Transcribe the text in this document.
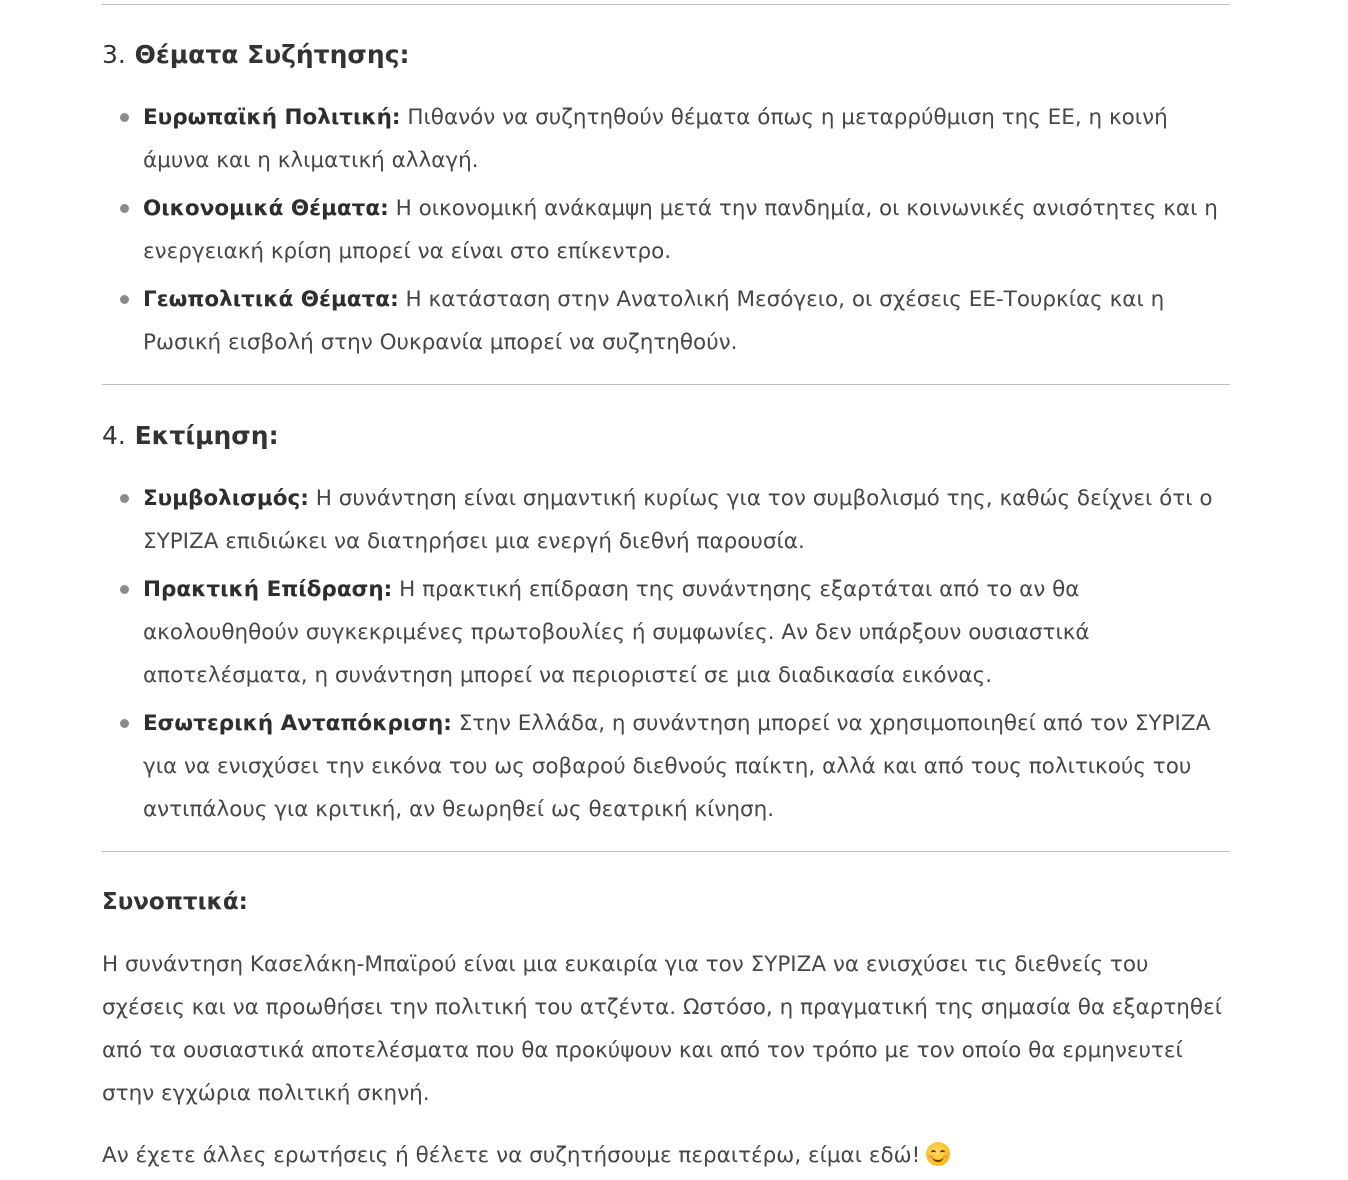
3. Θέματα Συζήτησης:
Ευρωπαϊκή Πολιτική: Πιθανόν να συζητηθούν θέματα όπως η μεταρρύθμιση της ΕΕ, η κοινή άμυνα και η κλιματική αλλαγή.
Οικονομικά Θέματα: Η οικονομική ανάκαμψη μετά την πανδημία, οι κοινωνικές ανισότητες και η ενεργειακή κρίση μπορεί να είναι στο επίκεντρο.
Γεωπολιτικά Θέματα: Η κατάσταση στην Ανατολική Μεσόγειο, οι σχέσεις ΕΕ-Τουρκίας και η Ρωσική εισβολή στην Ουκρανία μπορεί να συζητηθούν.
4. Εκτίμηση:
Συμβολισμός: Η συνάντηση είναι σημαντική κυρίως για τον συμβολισμό της, καθώς δείχνει ότι ο ΣΥΡΙΖΑ επιδιώκει να διατηρήσει μια ενεργή διεθνή παρουσία.
Πρακτική Επίδραση: Η πρακτική επίδραση της συνάντησης εξαρτάται από το αν θα ακολουθηθούν συγκεκριμένες πρωτοβουλίες ή συμφωνίες. Αν δεν υπάρξουν ουσιαστικά αποτελέσματα, η συνάντηση μπορεί να περιοριστεί σε μια διαδικασία εικόνας.
Εσωτερική Ανταπόκριση: Στην Ελλάδα, η συνάντηση μπορεί να χρησιμοποιηθεί από τον ΣΥΡΙΖΑ για να ενισχύσει την εικόνα του ως σοβαρού διεθνούς παίκτη, αλλά και από τους πολιτικούς του αντιπάλους για κριτική, αν θεωρηθεί ως θεατρική κίνηση.
Συνοπτικά:

Η συνάντηση Κασελάκη-Μπαϊρού είναι μια ευκαιρία για τον ΣΥΡΙΖΑ να ενισχύσει τις διεθνείς του σχέσεις και να προωθήσει την πολιτική του ατζέντα. Ωστόσο, η πραγματική της σημασία θα εξαρτηθεί από τα ουσιαστικά αποτελέσματα που θα προκύψουν και από τον τρόπο με τον οποίο θα ερμηνευτεί στην εγχώρια πολιτική σκηνή.

Αν έχετε άλλες ερωτήσεις ή θέλετε να συζητήσουμε περαιτέρω, είμαι εδώ!
